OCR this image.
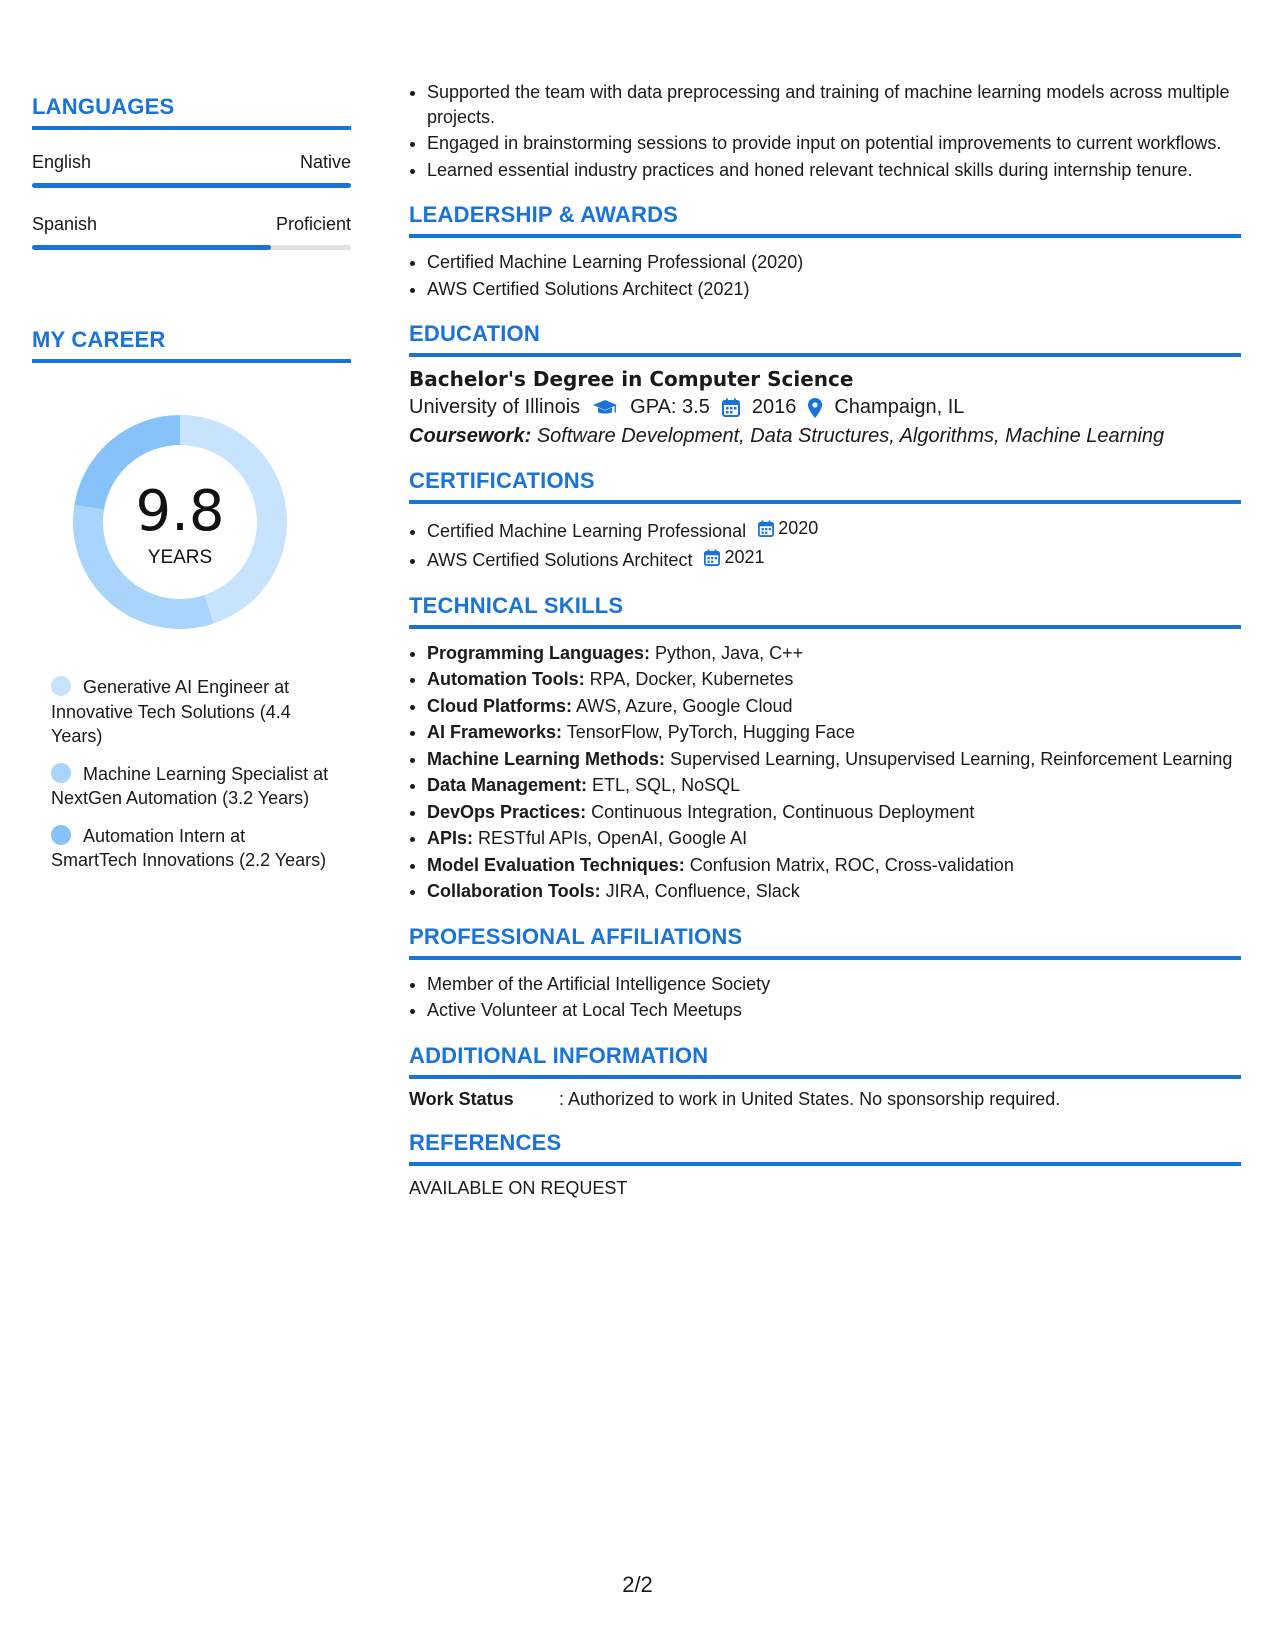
LANGUAGES
English	Native
Spanish	Proficient
MY CAREER
9.8
YEARS
Generative AI Engineer at Innovative Tech Solutions (4.4 Years)
Machine Learning Specialist at NextGen Automation (3.2 Years)
Automation Intern at SmartTech Innovations (2.2 Years)
• Supported the team with data preprocessing and training of machine learning models across multiple projects.
• Engaged in brainstorming sessions to provide input on potential improvements to current workflows.
• Learned essential industry practices and honed relevant technical skills during internship tenure.
LEADERSHIP & AWARDS
• Certified Machine Learning Professional (2020)
• AWS Certified Solutions Architect (2021)
EDUCATION
Bachelor's Degree in Computer Science
University of Illinois	GPA: 3.5 2016 Champaign, IL
Coursework: Software Development, Data Structures, Algorithms, Machine Learning
CERTIFICATIONS
• Certified Machine Learning Professional 2020
• AWS Certified Solutions Architect 2021
TECHNICAL SKILLS
• Programming Languages: Python, Java, C++
• Automation Tools: RPA, Docker, Kubernetes
• Cloud Platforms: AWS, Azure, Google Cloud
• AI Frameworks: TensorFlow, PyTorch, Hugging Face
• Machine Learning Methods: Supervised Learning, Unsupervised Learning, Reinforcement Learning
• Data Management: ETL, SQL, NoSQL
• DevOps Practices: Continuous Integration, Continuous Deployment
• APIs: RESTful APIs, OpenAI, Google AI
• Model Evaluation Techniques: Confusion Matrix, ROC, Cross-validation
• Collaboration Tools: JIRA, Confluence, Slack
PROFESSIONAL AFFILIATIONS
• Member of the Artificial Intelligence Society
• Active Volunteer at Local Tech Meetups
ADDITIONAL INFORMATION
Work Status	: Authorized to work in United States. No sponsorship required.
REFERENCES
AVAILABLE ON REQUEST
2/2
